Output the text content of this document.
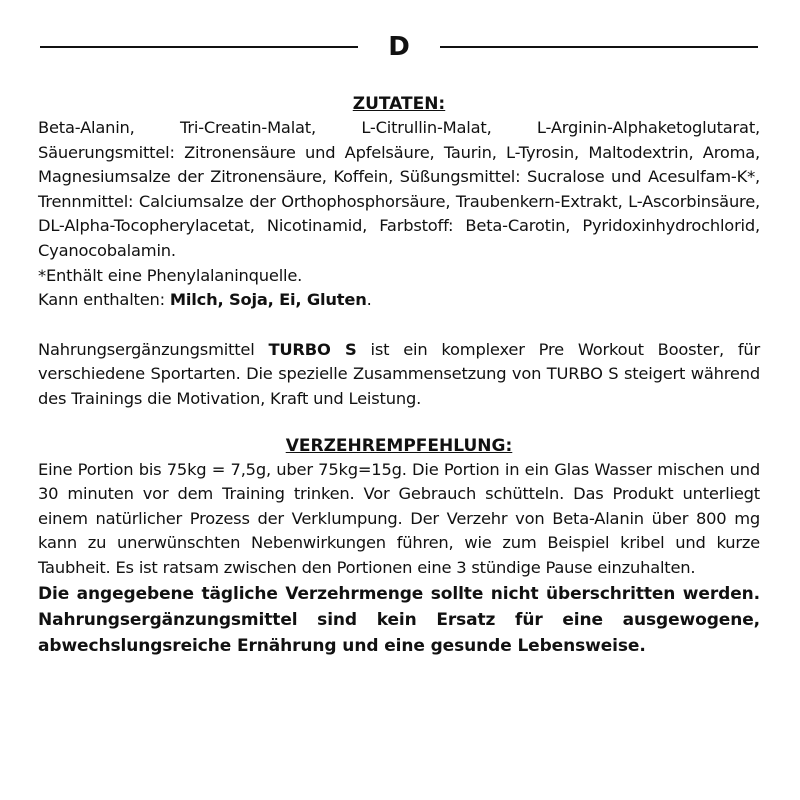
D

ZUTATEN:

Beta-Alanin, Tri-Creatin-Malat, L-Citrullin-Malat, L-Arginin-Alphaketoglutarat, Säuerungsmittel: Zitronensäure und Apfelsäure, Taurin, L-Tyrosin, Maltodextrin, Aroma, Magnesiumsalze der Zitronensäure, Koffein, Süßungsmittel: Sucralose und Acesulfam-K*, Trennmittel: Calciumsalze der Orthophosphorsäure, Traubenkern-Extrakt, L-Ascorbinsäure, DL-Alpha-Tocopherylacetat, Nicotinamid, Farbstoff: Beta-Carotin, Pyridoxinhydrochlorid, Cyanocobalamin.

*Enthält eine Phenylalaninquelle.

Kann enthalten: Milch, Soja, Ei, Gluten.

Nahrungsergänzungsmittel TURBO S ist ein komplexer Pre Workout Booster, für verschiedene Sportarten. Die spezielle Zusammensetzung von TURBO S steigert während des Trainings die Motivation, Kraft und Leistung.

VERZEHREMPFEHLUNG:

Eine Portion bis 75kg = 7,5g, uber 75kg=15g. Die Portion in ein Glas Wasser mischen und 30 minuten vor dem Training trinken. Vor Gebrauch schütteln. Das Produkt unterliegt einem natürlicher Prozess der Verklumpung. Der Verzehr von Beta-Alanin über 800 mg kann zu unerwünschten Nebenwirkungen führen, wie zum Beispiel kribel und kurze Taubheit. Es ist ratsam zwischen den Portionen eine 3 stündige Pause einzuhalten.

Die angegebene tägliche Verzehrmenge sollte nicht überschritten werden. Nahrungsergänzungsmittel sind kein Ersatz für eine ausgewogene, abwechslungsreiche Ernährung und eine gesunde Lebensweise.
